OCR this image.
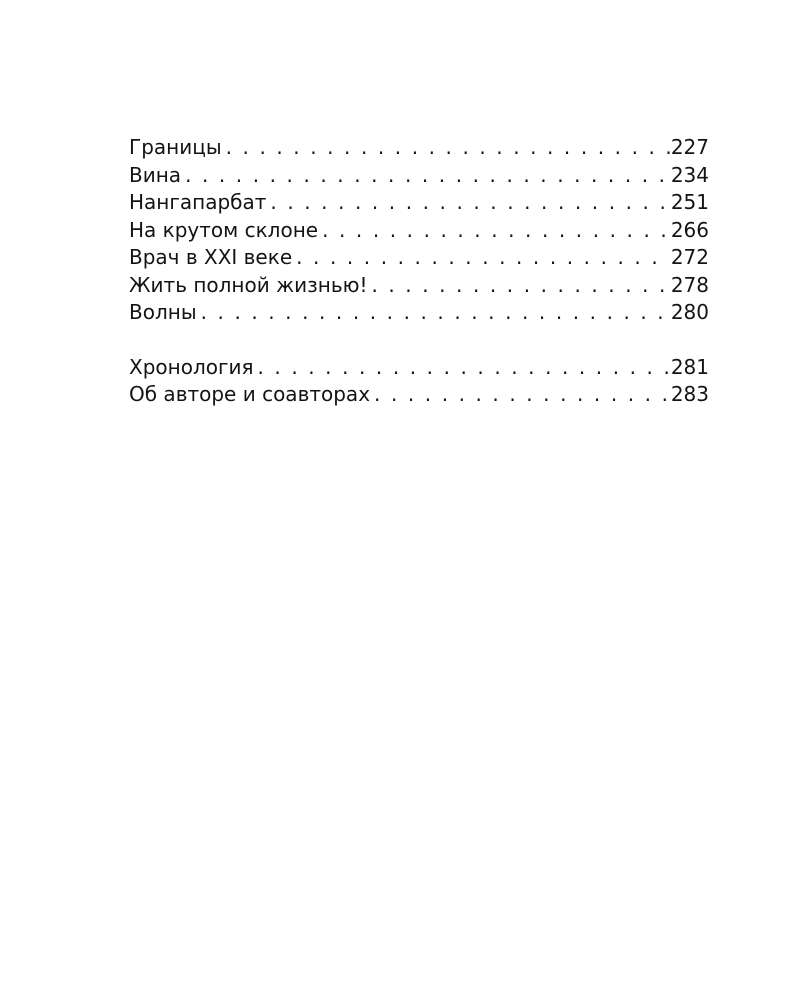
Границы . . .	227
Вина . . .	234
Нангапарбат . . .	251
На крутом склоне . . .	266
Врач в XXI веке . . .	272
Жить полной жизнью! . . .	278
Волны . . .	280
Хронология . . .	281
Об авторе и соавторах . . .	283
